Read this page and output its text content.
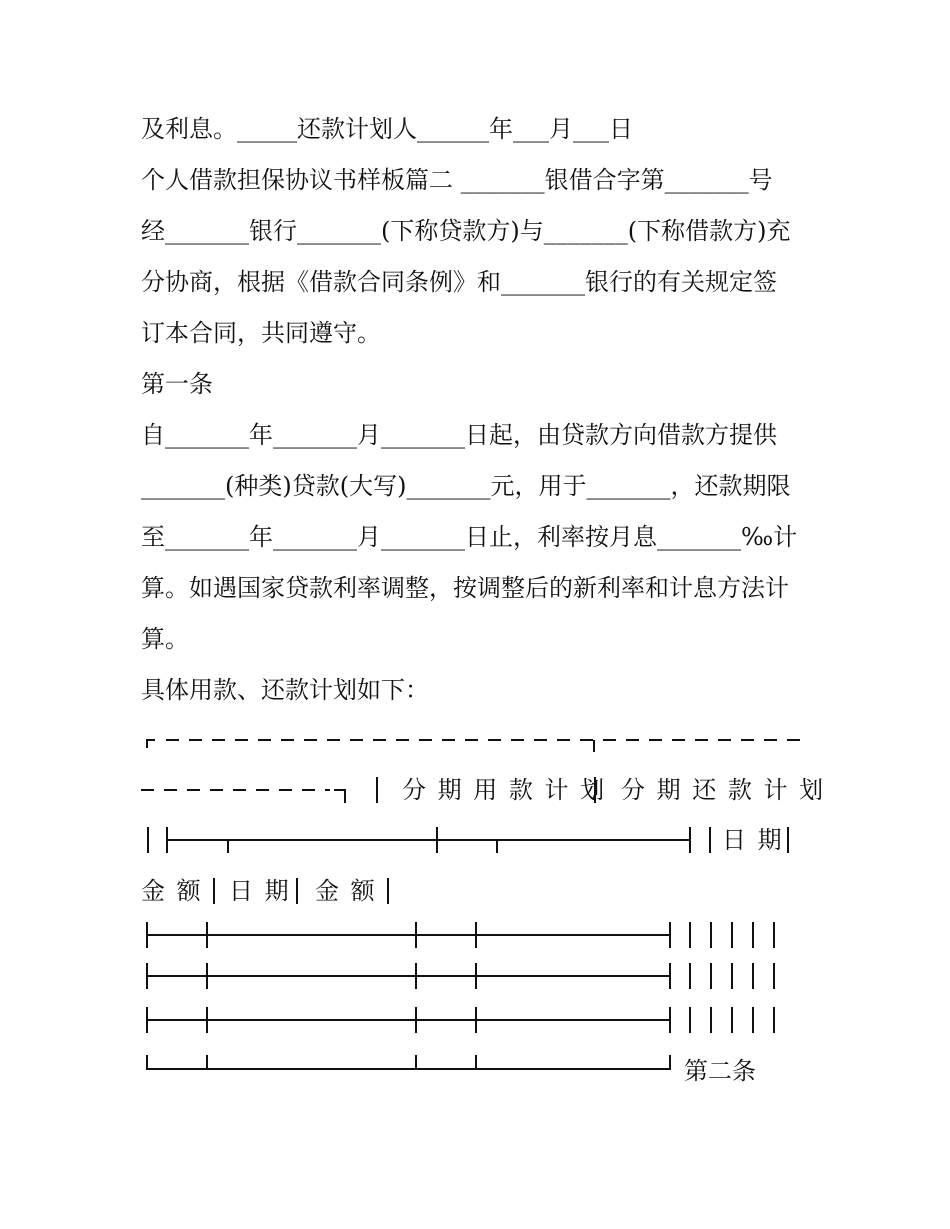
及利息。_____还款计划人______年___月___日
个人借款担保协议书样板篇二 _______银借合字第_______号
经_______银行_______(下称贷款方)与_______(下称借款方)充
分协商，根据《借款合同条例》和_______银行的有关规定签
订本合同，共同遵守。
第一条
自_______年_______月_______日起，由贷款方向借款方提供
_______(种类)贷款(大写)_______元，用于_______，还款期限
至_______年_______月_______日止，利率按月息_______‰计
算。如遇国家贷款利率调整，按调整后的新利率和计息方法计
算。
具体用款、还款计划如下：
分 期 用 款 计 划 分 期 还 款 计 划
日 期
金 额 日 期 金 额
第二条
